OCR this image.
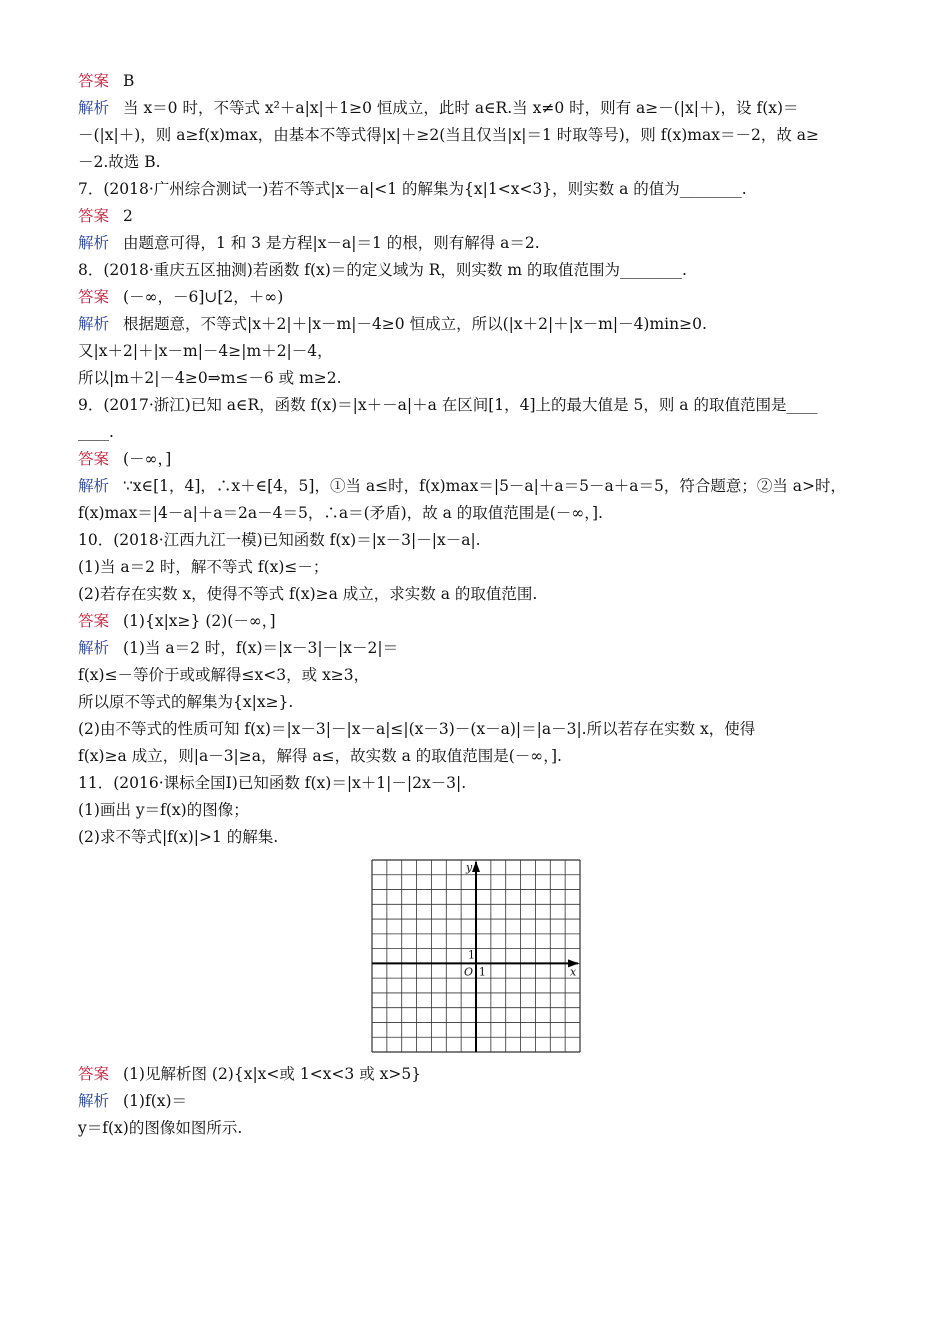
答案 B
解析 当 x＝0 时，不等式 x²＋a|x|＋1≥0 恒成立，此时 a∈R.当 x≠0 时，则有 a≥－(|x|＋)，设 f(x)＝
－(|x|＋)，则 a≥f(x)max，由基本不等式得|x|＋≥2(当且仅当|x|＝1 时取等号)，则 f(x)max＝－2，故 a≥
－2.故选 B.
7．(2018·广州综合测试一)若不等式|x－a|<1 的解集为{x|1<x<3}，则实数 a 的值为________.
答案 2
解析 由题意可得，1 和 3 是方程|x－a|＝1 的根，则有解得 a＝2.
8．(2018·重庆五区抽测)若函数 f(x)＝的定义域为 R，则实数 m 的取值范围为________.
答案 (－∞，－6]∪[2，＋∞)
解析 根据题意，不等式|x＋2|＋|x－m|－4≥0 恒成立，所以(|x＋2|＋|x－m|－4)min≥0.
又|x＋2|＋|x－m|－4≥|m＋2|－4，
所以|m＋2|－4≥0⇒m≤－6 或 m≥2.
9．(2017·浙江)已知 a∈R，函数 f(x)＝|x＋－a|＋a 在区间[1，4]上的最大值是 5，则 a 的取值范围是____
____.
答案 (－∞，]
解析 ∵x∈[1，4]，∴x＋∈[4，5]，①当 a≤时，f(x)max＝|5－a|＋a＝5－a＋a＝5，符合题意；②当 a>时，
f(x)max＝|4－a|＋a＝2a－4＝5，∴a＝(矛盾)，故 a 的取值范围是(－∞，].
10．(2018·江西九江一模)已知函数 f(x)＝|x－3|－|x－a|.
(1)当 a＝2 时，解不等式 f(x)≤－；
(2)若存在实数 x，使得不等式 f(x)≥a 成立，求实数 a 的取值范围.
答案 (1){x|x≥} (2)(－∞，]
解析 (1)当 a＝2 时，f(x)＝|x－3|－|x－2|＝
f(x)≤－等价于或或解得≤x<3，或 x≥3，
所以原不等式的解集为{x|x≥}.
(2)由不等式的性质可知 f(x)＝|x－3|－|x－a|≤|(x－3)－(x－a)|＝|a－3|.所以若存在实数 x，使得
f(x)≥a 成立，则|a－3|≥a，解得 a≤，故实数 a 的取值范围是(－∞，].
11．(2016·课标全国Ⅰ)已知函数 f(x)＝|x＋1|－|2x－3|.
(1)画出 y＝f(x)的图像；
(2)求不等式|f(x)|>1 的解集.
y
x
O 1
1
答案 (1)见解析图 (2){x|x<或 1<x<3 或 x>5}
解析 (1)f(x)＝
y＝f(x)的图像如图所示.
